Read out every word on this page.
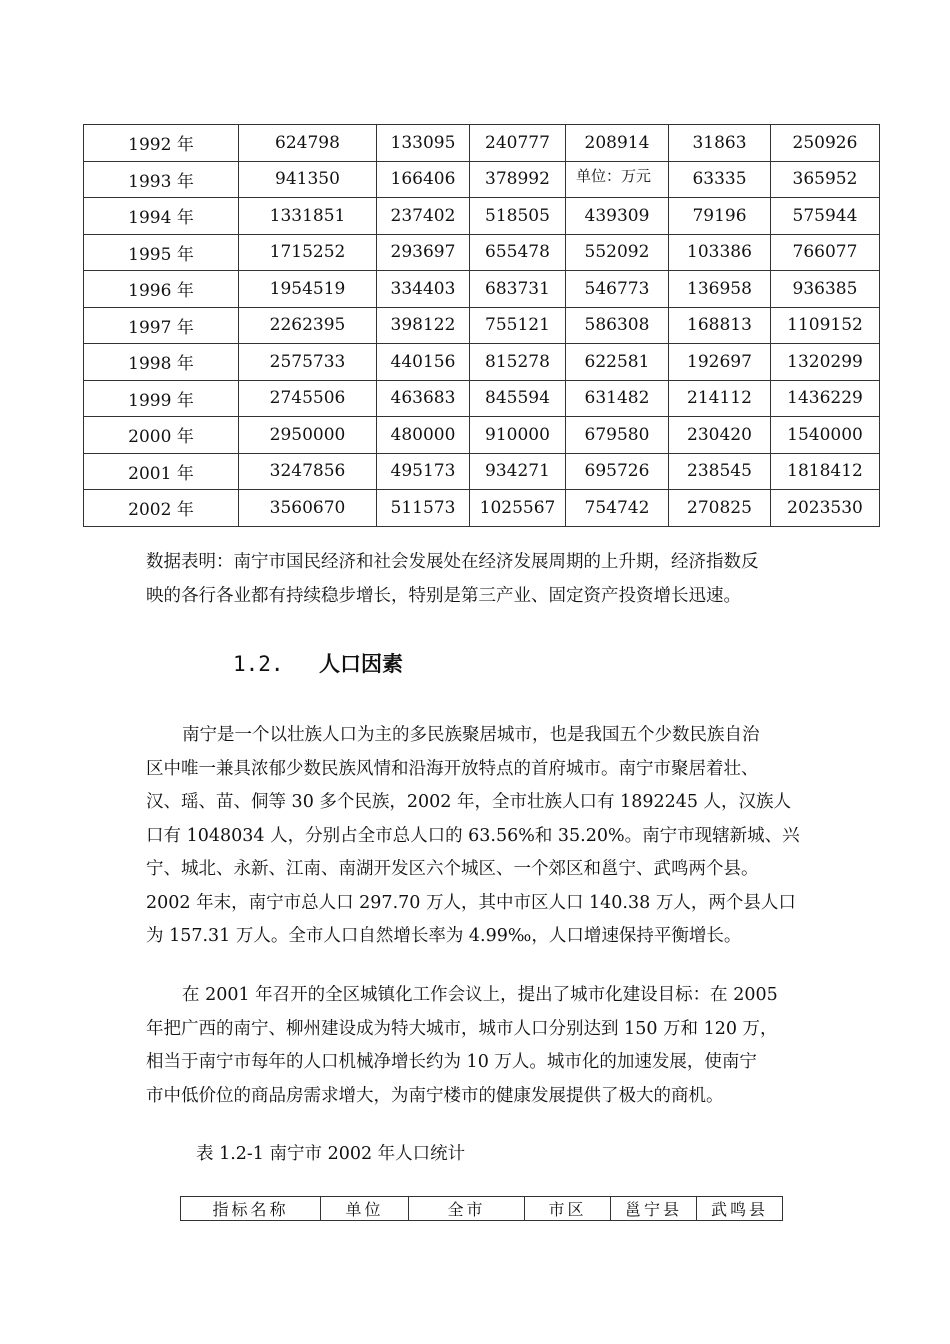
1992 年	624798	133095	240777	208914	31863	250926
1993 年	941350	166406	378992		63335	365952
1994 年	1331851	237402	518505	439309	79196	575944
1995 年	1715252	293697	655478	552092	103386	766077
1996 年	1954519	334403	683731	546773	136958	936385
1997 年	2262395	398122	755121	586308	168813	1109152
1998 年	2575733	440156	815278	622581	192697	1320299
1999 年	2745506	463683	845594	631482	214112	1436229
2000 年	2950000	480000	910000	679580	230420	1540000
2001 年	3247856	495173	934271	695726	238545	1818412
2002 年	3560670	511573	1025567	754742	270825	2023530
单位：万元

数据表明：南宁市国民经济和社会发展处在经济发展周期的上升期，经济指数反
映的各行各业都有持续稳步增长，特别是第三产业、固定资产投资增长迅速。

1.2. 人口因素

南宁是一个以壮族人口为主的多民族聚居城市，也是我国五个少数民族自治
区中唯一兼具浓郁少数民族风情和沿海开放特点的首府城市。南宁市聚居着壮、
汉、瑶、苗、侗等 30 多个民族，2002 年，全市壮族人口有 1892245 人，汉族人
口有 1048034 人，分别占全市总人口的 63.56%和 35.20%。南宁市现辖新城、兴
宁、城北、永新、江南、南湖开发区六个城区、一个郊区和邕宁、武鸣两个县。
2002 年末，南宁市总人口 297.70 万人，其中市区人口 140.38 万人，两个县人口
为 157.31 万人。全市人口自然增长率为 4.99‰，人口增速保持平衡增长。

在 2001 年召开的全区城镇化工作会议上，提出了城市化建设目标：在 2005
年把广西的南宁、柳州建设成为特大城市，城市人口分别达到 150 万和 120 万，
相当于南宁市每年的人口机械净增长约为 10 万人。城市化的加速发展，使南宁
市中低价位的商品房需求增大，为南宁楼市的健康发展提供了极大的商机。

表 1.2-1 南宁市 2002 年人口统计
指标名称	单位	全市	市区	邕宁县	武鸣县
